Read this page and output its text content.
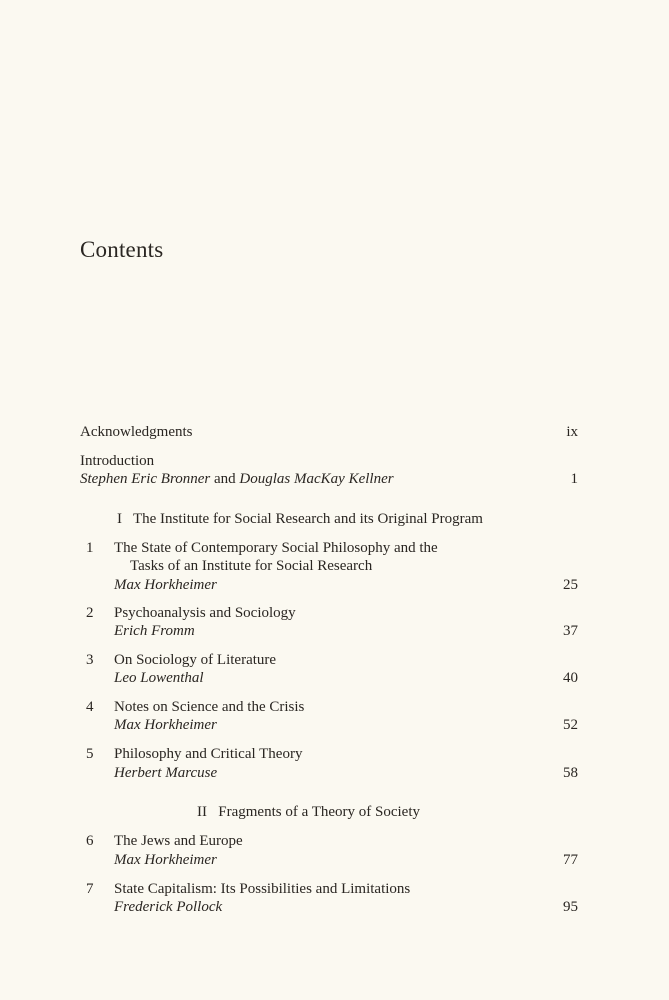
Contents
Acknowledgments	ix
Introduction
Stephen Eric Bronner and Douglas MacKay Kellner	1
I The Institute for Social Research and its Original Program
1 The State of Contemporary Social Philosophy and the
Tasks of an Institute for Social Research
Max Horkheimer	25
2 Psychoanalysis and Sociology
Erich Fromm	37
3 On Sociology of Literature
Leo Lowenthal	40
4 Notes on Science and the Crisis
Max Horkheimer	52
5 Philosophy and Critical Theory
Herbert Marcuse	58
II Fragments of a Theory of Society
6 The Jews and Europe
Max Horkheimer	77
7 State Capitalism: Its Possibilities and Limitations
Frederick Pollock	95
